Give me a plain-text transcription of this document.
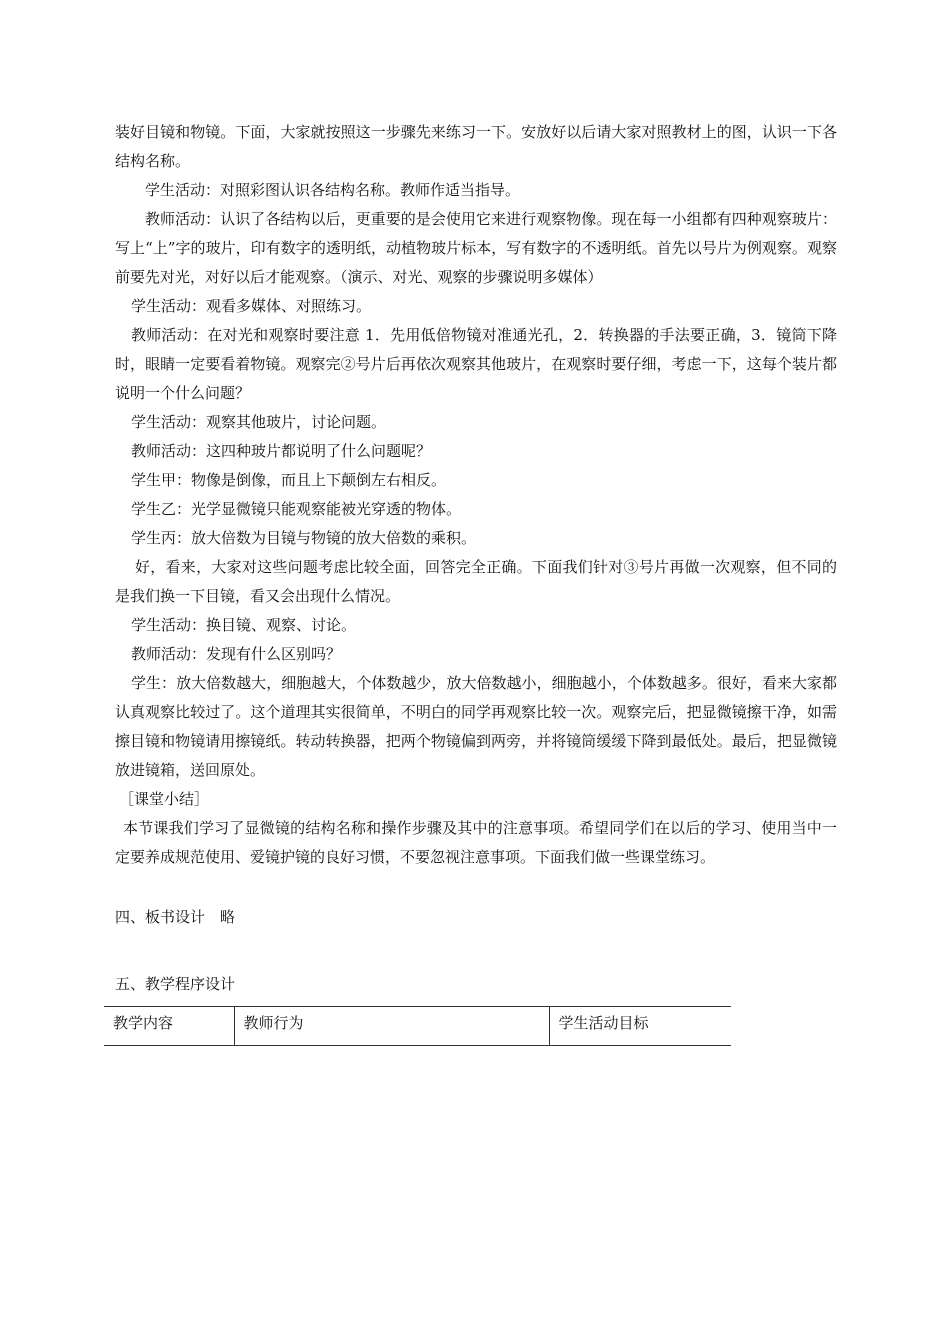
装好目镜和物镜。下面，大家就按照这一步骤先来练习一下。安放好以后请大家对照教材上的图，认识一下各结构名称。

学生活动：对照彩图认识各结构名称。教师作适当指导。

教师活动：认识了各结构以后，更重要的是会使用它来进行观察物像。现在每一小组都有四种观察玻片：写上“上”字的玻片，印有数字的透明纸，动植物玻片标本，写有数字的不透明纸。首先以号片为例观察。观察前要先对光，对好以后才能观察。（演示、对光、观察的步骤说明多媒体）

学生活动：观看多媒体、对照练习。

教师活动：在对光和观察时要注意 1．先用低倍物镜对准通光孔，2．转换器的手法要正确，3．镜筒下降时，眼睛一定要看着物镜。观察完②号片后再依次观察其他玻片，在观察时要仔细，考虑一下，这每个装片都说明一个什么问题？

学生活动：观察其他玻片，讨论问题。

教师活动：这四种玻片都说明了什么问题呢？

学生甲：物像是倒像，而且上下颠倒左右相反。

学生乙：光学显微镜只能观察能被光穿透的物体。

学生丙：放大倍数为目镜与物镜的放大倍数的乘积。

好，看来，大家对这些问题考虑比较全面，回答完全正确。下面我们针对③号片再做一次观察，但不同的是我们换一下目镜，看又会出现什么情况。

学生活动：换目镜、观察、讨论。

教师活动：发现有什么区别吗？

学生：放大倍数越大，细胞越大，个体数越少，放大倍数越小，细胞越小，个体数越多。很好，看来大家都认真观察比较过了。这个道理其实很简单，不明白的同学再观察比较一次。观察完后，把显微镜擦干净，如需擦目镜和物镜请用擦镜纸。转动转换器，把两个物镜偏到两旁，并将镜筒缓缓下降到最低处。最后，把显微镜放进镜箱，送回原处。

［课堂小结］

本节课我们学习了显微镜的结构名称和操作步骤及其中的注意事项。希望同学们在以后的学习、使用当中一定要养成规范使用、爱镜护镜的良好习惯，不要忽视注意事项。下面我们做一些课堂练习。

四、板书设计　略

五、教学程序设计

教学内容	教师行为	学生活动目标
